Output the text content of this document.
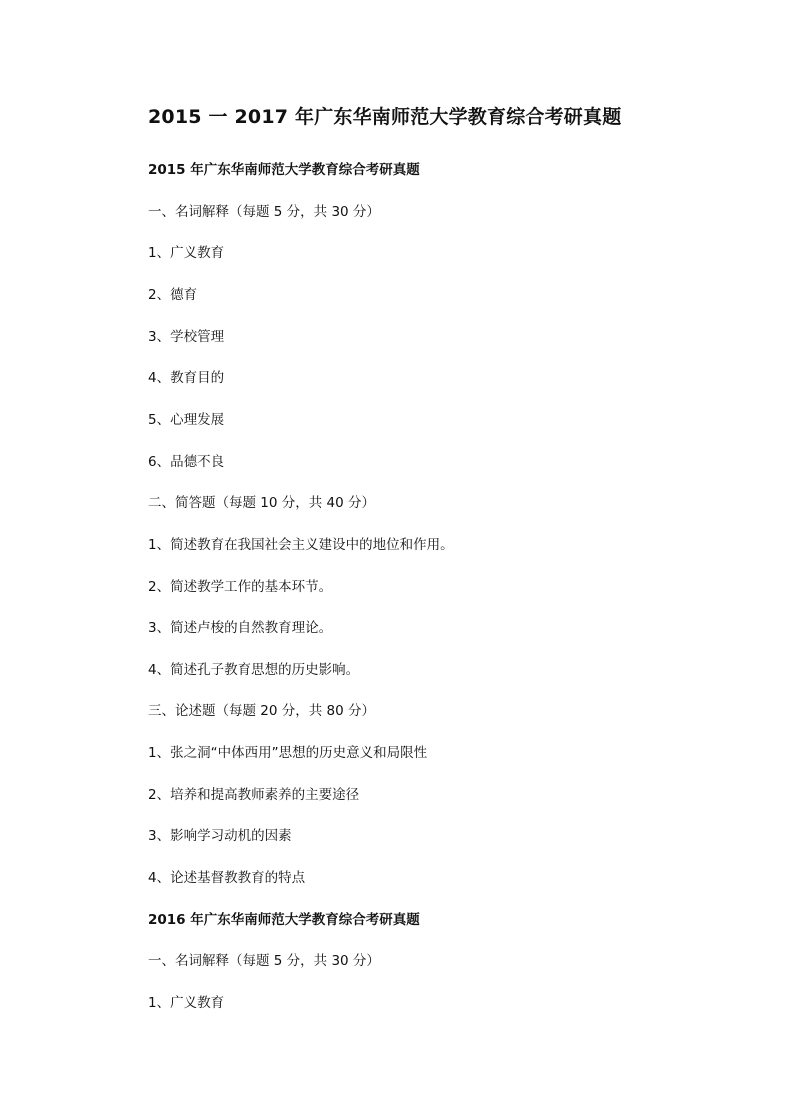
2015 一 2017 年广东华南师范大学教育综合考研真题
2015 年广东华南师范大学教育综合考研真题
一、名词解释（每题 5 分，共 30 分）
1、广义教育
2、德育
3、学校管理
4、教育目的
5、心理发展
6、品德不良
二、简答题（每题 10 分，共 40 分）
1、简述教育在我国社会主义建设中的地位和作用。
2、简述教学工作的基本环节。
3、简述卢梭的自然教育理论。
4、简述孔子教育思想的历史影响。
三、论述题（每题 20 分，共 80 分）
1、张之洞“中体西用”思想的历史意义和局限性
2、培养和提高教师素养的主要途径
3、影响学习动机的因素
4、论述基督教教育的特点
2016 年广东华南师范大学教育综合考研真题
一、名词解释（每题 5 分，共 30 分）
1、广义教育
